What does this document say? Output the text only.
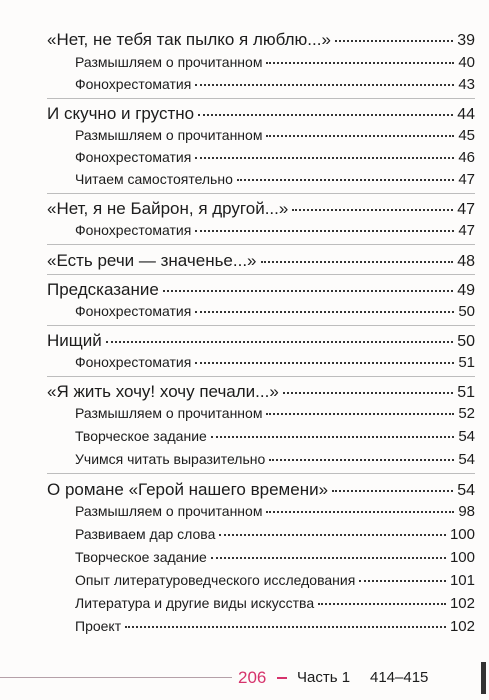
«Нет, не тебя так пылко я люблю...»	39
Размышляем о прочитанном	40
Фонохрестоматия	43
И скучно и грустно	44
Размышляем о прочитанном	45
Фонохрестоматия	46
Читаем самостоятельно	47
«Нет, я не Байрон, я другой...»	47
Фонохрестоматия	47
«Есть речи — значенье...»	48
Предсказание	49
Фонохрестоматия	50
Нищий	50
Фонохрестоматия	51
«Я жить хочу! хочу печали...»	51
Размышляем о прочитанном	52
Творческое задание	54
Учимся читать выразительно	54
О романе «Герой нашего времени»	54
Размышляем о прочитанном	98
Развиваем дар слова	100
Творческое задание	100
Опыт литературоведческого исследования	101
Литература и другие виды искусства	102
Проект	102
206 Часть 1 414–415
